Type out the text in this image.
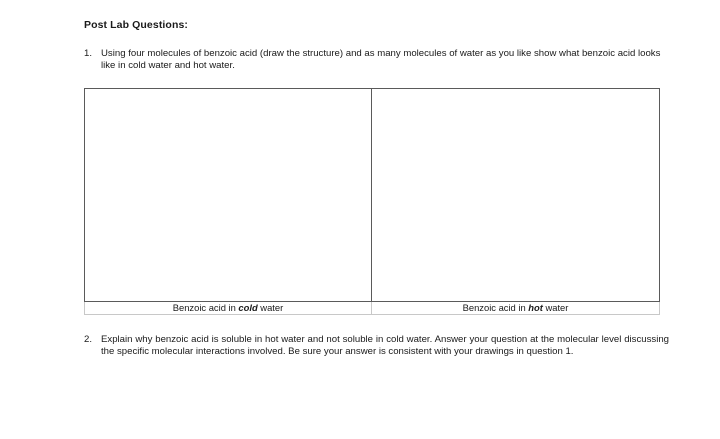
Post Lab Questions:
1. Using four molecules of benzoic acid (draw the structure) and as many molecules of water as you like show what benzoic acid looks like in cold water and hot water.
Benzoic acid in cold water	Benzoic acid in hot water
2. Explain why benzoic acid is soluble in hot water and not soluble in cold water. Answer your question at the molecular level discussing the specific molecular interactions involved. Be sure your answer is consistent with your drawings in question 1.
